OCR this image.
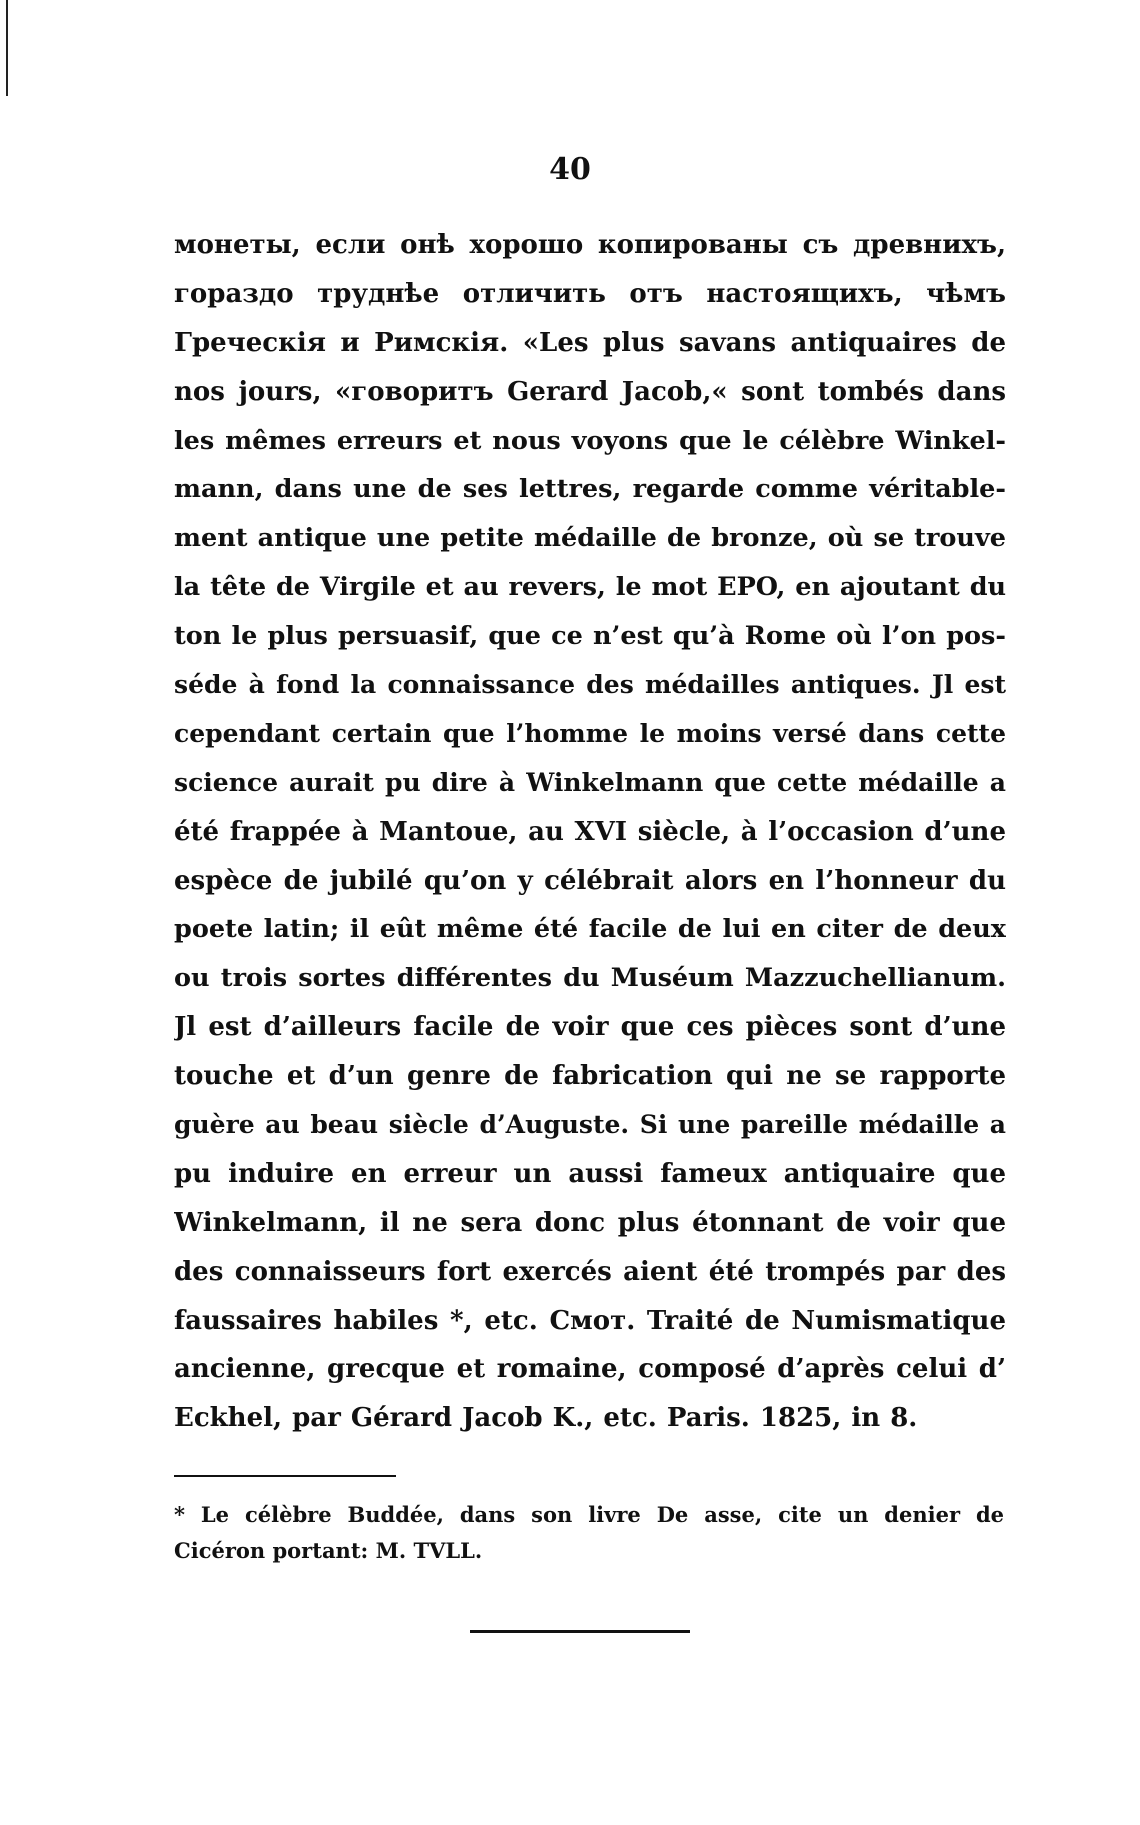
40
монеты, если онѣ хорошо копированы съ древнихъ,
гораздо труднѣе отличить отъ настоящихъ, чѣмъ
Греческія и Римскія. «Les plus savans antiquaires de
nos jours, «говоритъ Gerard Jacob,« sont tombés dans
les mêmes erreurs et nous voyons que le célèbre Winkel-
mann, dans une de ses lettres, regarde comme véritable-
ment antique une petite médaille de bronze, où se trouve
la tête de Virgile et au revers, le mot EPO, en ajoutant du
ton le plus persuasif, que ce n’est qu’à Rome où l’on pos-
séde à fond la connaissance des médailles antiques. Jl est
cependant certain que l’homme le moins versé dans cette
science aurait pu dire à Winkelmann que cette médaille a
été frappée à Mantoue, au XVI siècle, à l’occasion d’une
espèce de jubilé qu’on y célébrait alors en l’honneur du
poete latin; il eût même été facile de lui en citer de deux
ou trois sortes différentes du Muséum Mazzuchellianum.
Jl est d’ailleurs facile de voir que ces pièces sont d’une
touche et d’un genre de fabrication qui ne se rapporte
guère au beau siècle d’Auguste. Si une pareille médaille a
pu induire en erreur un aussi fameux antiquaire que
Winkelmann, il ne sera donc plus étonnant de voir que
des connaisseurs fort exercés aient été trompés par des
faussaires habiles *, etc. Смот. Traité de Numismatique
ancienne, grecque et romaine, composé d’après celui d’
Eckhel, par Gérard Jacob K., etc. Paris. 1825, in 8.
* Le célèbre Buddée, dans son livre De asse, cite un denier de
Cicéron portant: M. TVLL.
